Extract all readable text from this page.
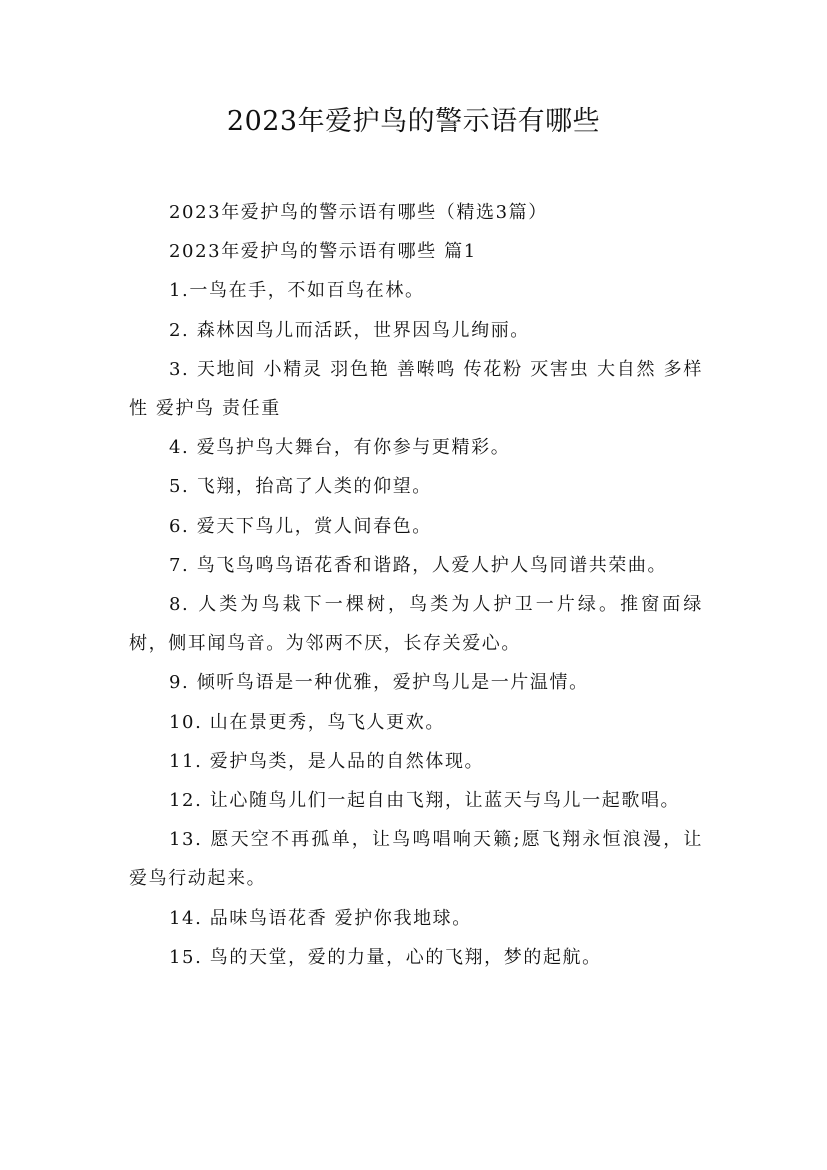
2023年爱护鸟的警示语有哪些

2023年爱护鸟的警示语有哪些（精选3篇）

2023年爱护鸟的警示语有哪些 篇1

1.一鸟在手，不如百鸟在林。

2. 森林因鸟儿而活跃，世界因鸟儿绚丽。

3. 天地间 小精灵 羽色艳 善啭鸣 传花粉 灭害虫 大自然 多样性 爱护鸟 责任重

4. 爱鸟护鸟大舞台，有你参与更精彩。

5. 飞翔，抬高了人类的仰望。

6. 爱天下鸟儿，赏人间春色。

7. 鸟飞鸟鸣鸟语花香和谐路，人爱人护人鸟同谱共荣曲。

8. 人类为鸟栽下一棵树，鸟类为人护卫一片绿。推窗面绿树，侧耳闻鸟音。为邻两不厌，长存关爱心。

9. 倾听鸟语是一种优雅，爱护鸟儿是一片温情。

10. 山在景更秀，鸟飞人更欢。

11. 爱护鸟类，是人品的自然体现。

12. 让心随鸟儿们一起自由飞翔，让蓝天与鸟儿一起歌唱。

13. 愿天空不再孤单，让鸟鸣唱响天籁;愿飞翔永恒浪漫，让爱鸟行动起来。

14. 品味鸟语花香 爱护你我地球。

15. 鸟的天堂，爱的力量，心的飞翔，梦的起航。
